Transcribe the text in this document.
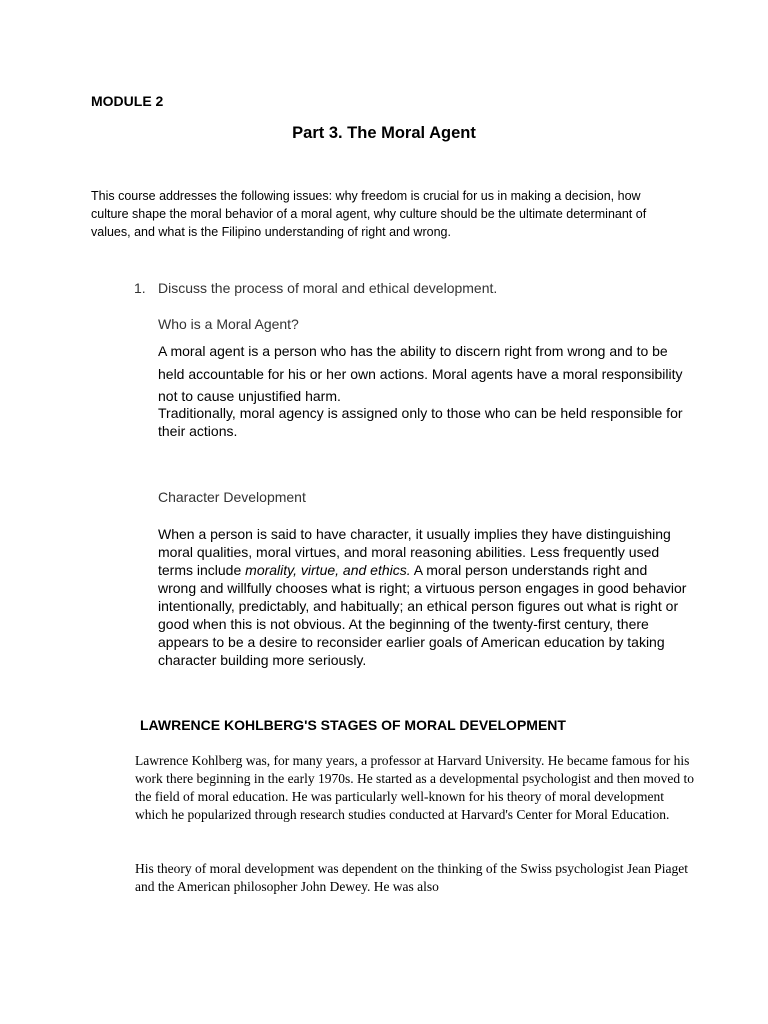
MODULE 2
Part 3. The Moral Agent

This course addresses the following issues: why freedom is crucial for us in making a decision, how culture shape the moral behavior of a moral agent, why culture should be the ultimate determinant of values, and what is the Filipino understanding of right and wrong.

1. Discuss the process of moral and ethical development.
Who is a Moral Agent?

A moral agent is a person who has the ability to discern right from wrong and to be held accountable for his or her own actions. Moral agents have a moral responsibility not to cause unjustified harm.

Traditionally, moral agency is assigned only to those who can be held responsible for their actions.

Character Development

When a person is said to have character, it usually implies they have distinguishing moral qualities, moral virtues, and moral reasoning abilities. Less frequently used terms include morality, virtue, and ethics. A moral person understands right and wrong and willfully chooses what is right; a virtuous person engages in good behavior intentionally, predictably, and habitually; an ethical person figures out what is right or good when this is not obvious. At the beginning of the twenty-first century, there appears to be a desire to reconsider earlier goals of American education by taking character building more seriously.

LAWRENCE KOHLBERG'S STAGES OF MORAL DEVELOPMENT

Lawrence Kohlberg was, for many years, a professor at Harvard University. He became famous for his work there beginning in the early 1970s. He started as a developmental psychologist and then moved to the field of moral education. He was particularly well-known for his theory of moral development which he popularized through research studies conducted at Harvard's Center for Moral Education.

His theory of moral development was dependent on the thinking of the Swiss psychologist Jean Piaget and the American philosopher John Dewey. He was also
